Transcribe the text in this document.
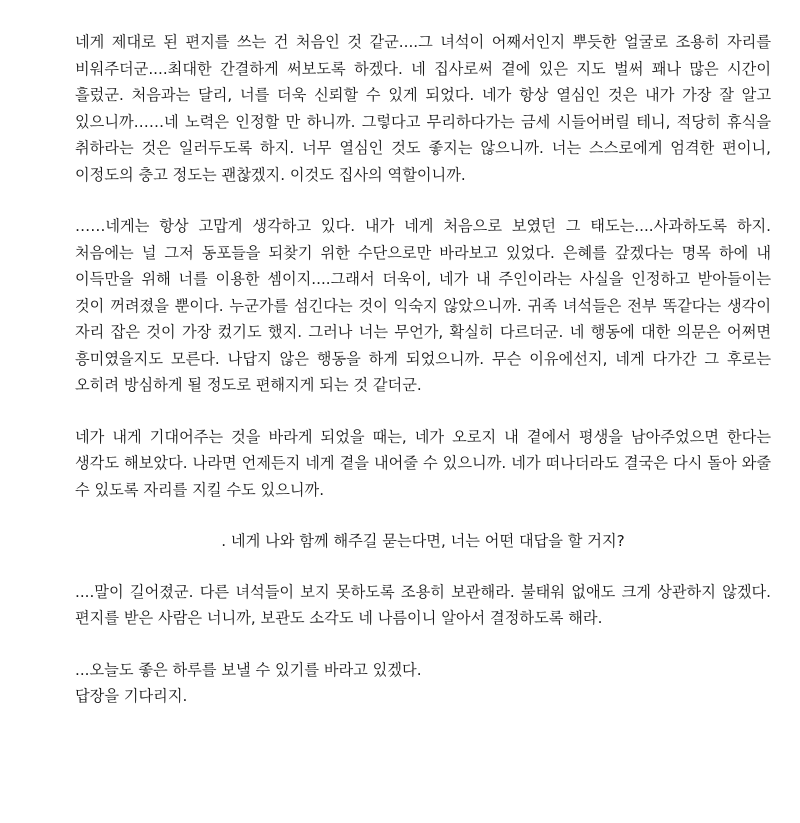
네게 제대로 된 편지를 쓰는 건 처음인 것 같군....그 녀석이 어째서인지 뿌듯한 얼굴로 조용히 자리를 비워주더군....최대한 간결하게 써보도록 하겠다. 네 집사로써 곁에 있은 지도 벌써 꽤나 많은 시간이 흘렀군. 처음과는 달리, 너를 더욱 신뢰할 수 있게 되었다. 네가 항상 열심인 것은 내가 가장 잘 알고 있으니까……네 노력은 인정할 만 하니까. 그렇다고 무리하다가는 금세 시들어버릴 테니, 적당히 휴식을 취하라는 것은 일러두도록 하지. 너무 열심인 것도 좋지는 않으니까. 너는 스스로에게 엄격한 편이니, 이정도의 충고 정도는 괜찮겠지. 이것도 집사의 역할이니까.

……네게는 항상 고맙게 생각하고 있다. 내가 네게 처음으로 보였던 그 태도는....사과하도록 하지. 처음에는 널 그저 동포들을 되찾기 위한 수단으로만 바라보고 있었다. 은혜를 갚겠다는 명목 하에 내 이득만을 위해 너를 이용한 셈이지....그래서 더욱이, 네가 내 주인이라는 사실을 인정하고 받아들이는 것이 꺼려졌을 뿐이다. 누군가를 섬긴다는 것이 익숙지 않았으니까. 귀족 녀석들은 전부 똑같다는 생각이 자리 잡은 것이 가장 컸기도 했지. 그러나 너는 무언가, 확실히 다르더군. 네 행동에 대한 의문은 어쩌면 흥미였을지도 모른다. 나답지 않은 행동을 하게 되었으니까. 무슨 이유에선지, 네게 다가간 그 후로는 오히려 방심하게 될 정도로 편해지게 되는 것 같더군.

네가 내게 기대어주는 것을 바라게 되었을 때는, 네가 오로지 내 곁에서 평생을 남아주었으면 한다는 생각도 해보았다. 나라면 언제든지 네게 곁을 내어줄 수 있으니까. 네가 떠나더라도 결국은 다시 돌아 와줄 수 있도록 자리를 지킬 수도 있으니까.

. 네게 나와 함께 해주길 묻는다면, 너는 어떤 대답을 할 거지?

....말이 길어졌군. 다른 녀석들이 보지 못하도록 조용히 보관해라. 불태워 없애도 크게 상관하지 않겠다. 편지를 받은 사람은 너니까, 보관도 소각도 네 나름이니 알아서 결정하도록 해라.

...오늘도 좋은 하루를 보낼 수 있기를 바라고 있겠다.
답장을 기다리지.
